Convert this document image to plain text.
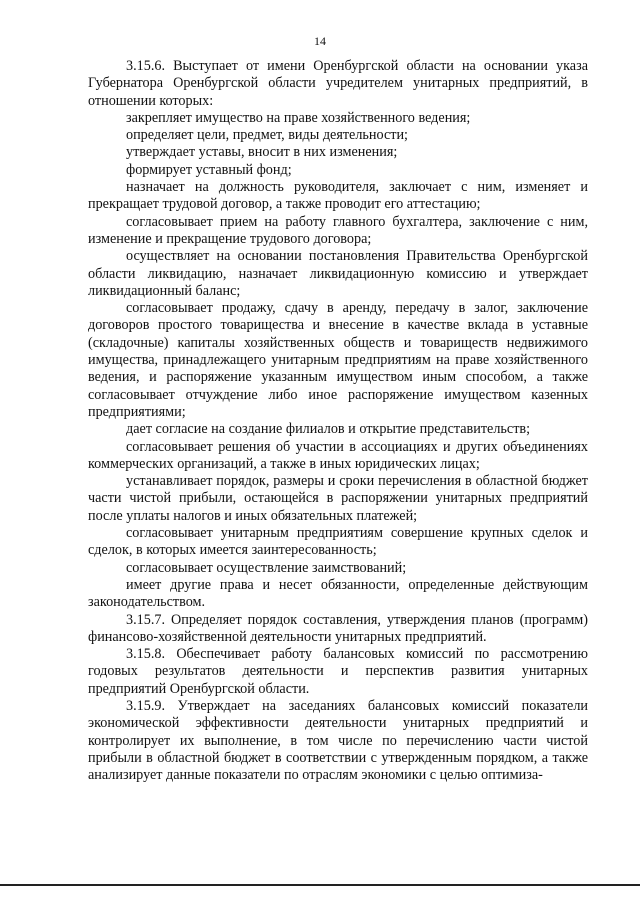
14

3.15.6. Выступает от имени Оренбургской области на основании указа Губернатора Оренбургской области учредителем унитарных предприятий, в отношении которых:

закрепляет имущество на праве хозяйственного ведения;

определяет цели, предмет, виды деятельности;

утверждает уставы, вносит в них изменения;

формирует уставный фонд;

назначает на должность руководителя, заключает с ним, изменяет и прекращает трудовой договор, а также проводит его аттестацию;

согласовывает прием на работу главного бухгалтера, заключение с ним, изменение и прекращение трудового договора;

осуществляет на основании постановления Правительства Оренбургской области ликвидацию, назначает ликвидационную комиссию и утверждает ликвидационный баланс;

согласовывает продажу, сдачу в аренду, передачу в залог, заключение договоров простого товарищества и внесение в качестве вклада в уставные (складочные) капиталы хозяйственных обществ и товариществ недвижимого имущества, принадлежащего унитарным предприятиям на праве хозяйственного ведения, и распоряжение указанным имуществом иным способом, а также согласовывает отчуждение либо иное распоряжение имуществом казенных предприятиями;

дает согласие на создание филиалов и открытие представительств;

согласовывает решения об участии в ассоциациях и других объединениях коммерческих организаций, а также в иных юридических лицах;

устанавливает порядок, размеры и сроки перечисления в областной бюджет части чистой прибыли, остающейся в распоряжении унитарных предприятий после уплаты налогов и иных обязательных платежей;

согласовывает унитарным предприятиям совершение крупных сделок и сделок, в которых имеется заинтересованность;

согласовывает осуществление заимствований;

имеет другие права и несет обязанности, определенные действующим законодательством.

3.15.7. Определяет порядок составления, утверждения планов (программ) финансово-хозяйственной деятельности унитарных предприятий.

3.15.8. Обеспечивает работу балансовых комиссий по рассмотрению годовых результатов деятельности и перспектив развития унитарных предприятий Оренбургской области.

3.15.9. Утверждает на заседаниях балансовых комиссий показатели экономической эффективности деятельности унитарных предприятий и контролирует их выполнение, в том числе по перечислению части чистой прибыли в областной бюджет в соответствии с утвержденным порядком, а также анализирует данные показатели по отраслям экономики с целью оптимиза-
